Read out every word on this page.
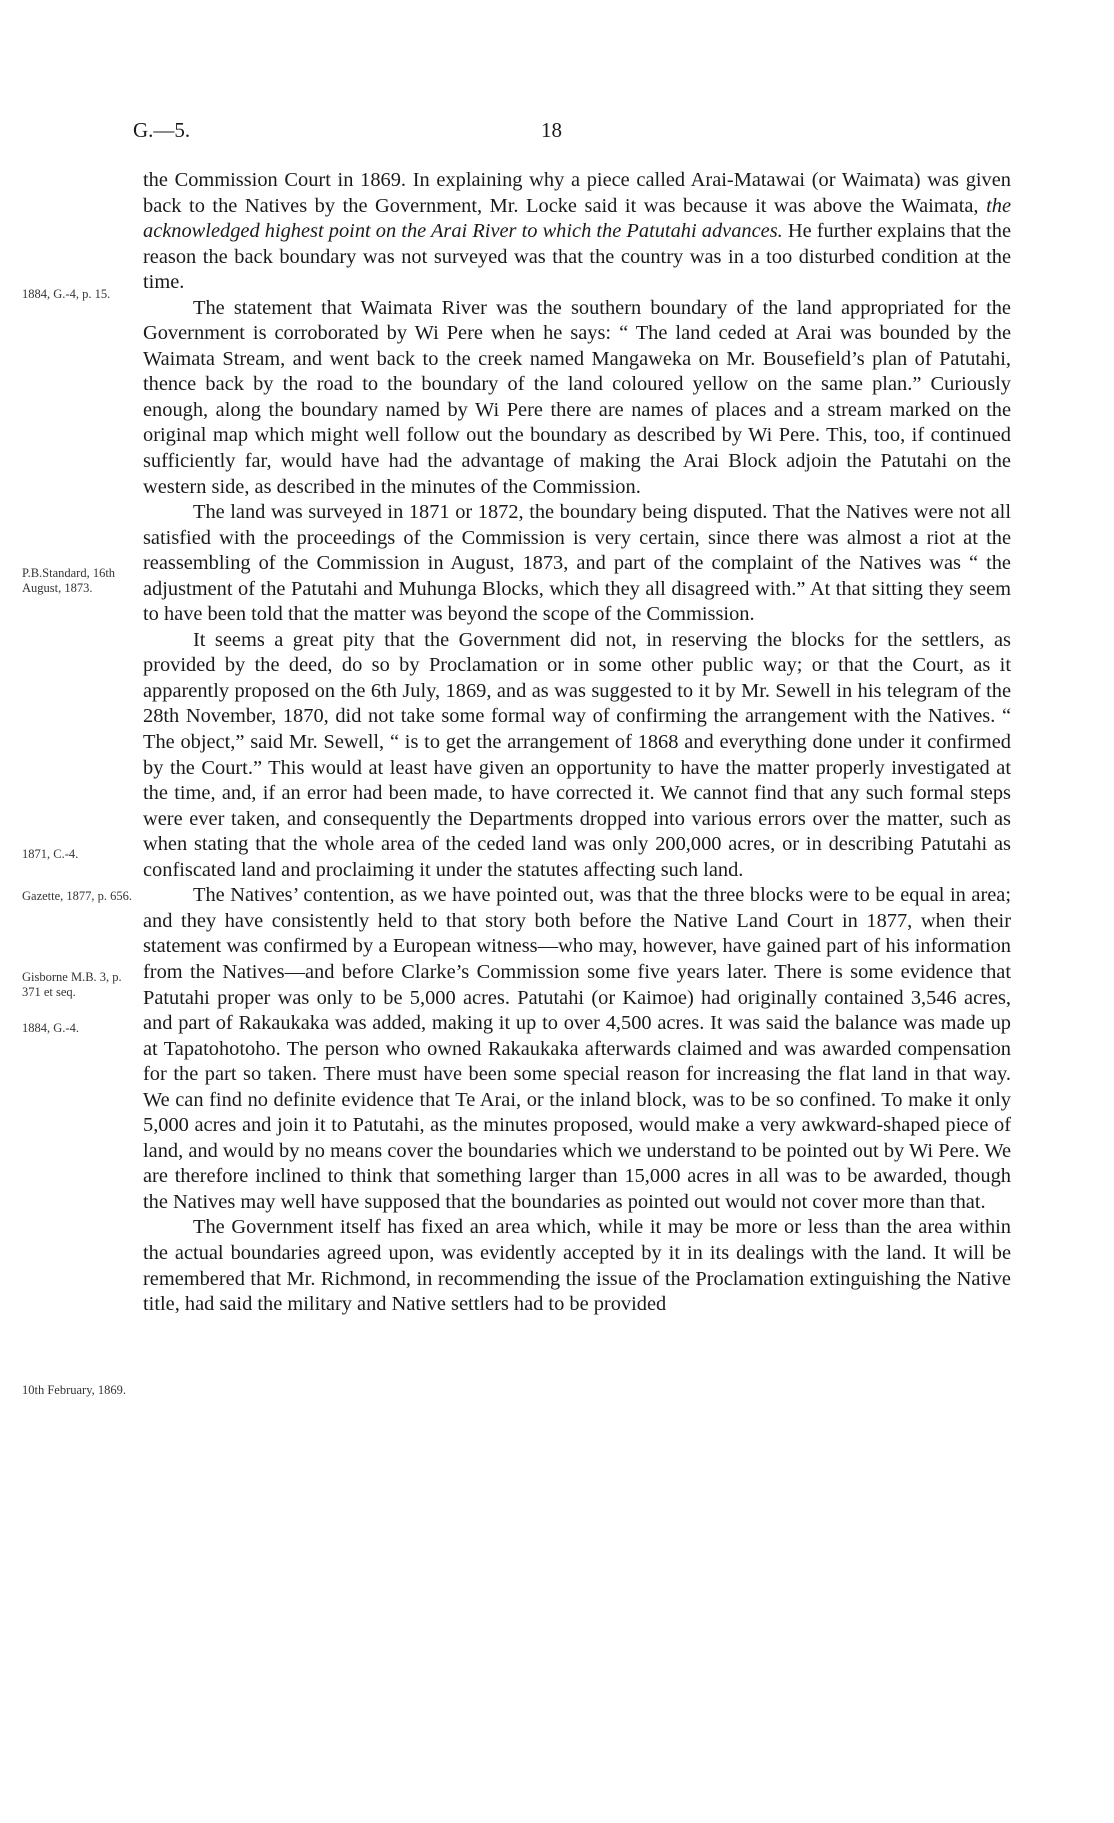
G.—5.	18
1884, G.-4, p. 15.
P.B.Standard, 16th August, 1873.
1871, C.-4.
Gazette, 1877, p. 656.
Gisborne M.B. 3, p. 371 et seq.
1884, G.-4.
10th February, 1869.

the Commission Court in 1869. In explaining why a piece called Arai-Matawai (or Waimata) was given back to the Natives by the Government, Mr. Locke said it was because it was above the Waimata, the acknowledged highest point on the Arai River to which the Patutahi advances. He further explains that the reason the back boundary was not surveyed was that the country was in a too disturbed condition at the time.

The statement that Waimata River was the southern boundary of the land appropriated for the Government is corroborated by Wi Pere when he says: “ The land ceded at Arai was bounded by the Waimata Stream, and went back to the creek named Mangaweka on Mr. Bousefield’s plan of Patutahi, thence back by the road to the boundary of the land coloured yellow on the same plan.” Curiously enough, along the boundary named by Wi Pere there are names of places and a stream marked on the original map which might well follow out the boundary as described by Wi Pere. This, too, if continued sufficiently far, would have had the advantage of making the Arai Block adjoin the Patutahi on the western side, as described in the minutes of the Commission.

The land was surveyed in 1871 or 1872, the boundary being disputed. That the Natives were not all satisfied with the proceedings of the Commission is very certain, since there was almost a riot at the reassembling of the Commission in August, 1873, and part of the complaint of the Natives was “ the adjustment of the Patutahi and Muhunga Blocks, which they all disagreed with.” At that sitting they seem to have been told that the matter was beyond the scope of the Commission.

It seems a great pity that the Government did not, in reserving the blocks for the settlers, as provided by the deed, do so by Proclamation or in some other public way; or that the Court, as it apparently proposed on the 6th July, 1869, and as was suggested to it by Mr. Sewell in his telegram of the 28th November, 1870, did not take some formal way of confirming the arrangement with the Natives. “ The object,” said Mr. Sewell, “ is to get the arrangement of 1868 and everything done under it confirmed by the Court.” This would at least have given an opportunity to have the matter properly investigated at the time, and, if an error had been made, to have corrected it. We cannot find that any such formal steps were ever taken, and consequently the Departments dropped into various errors over the matter, such as when stating that the whole area of the ceded land was only 200,000 acres, or in describing Patutahi as confiscated land and proclaiming it under the statutes affecting such land.

The Natives’ contention, as we have pointed out, was that the three blocks were to be equal in area; and they have consistently held to that story both before the Native Land Court in 1877, when their statement was confirmed by a European witness—who may, however, have gained part of his information from the Natives—and before Clarke’s Commission some five years later. There is some evidence that Patutahi proper was only to be 5,000 acres. Patutahi (or Kaimoe) had originally contained 3,546 acres, and part of Rakaukaka was added, making it up to over 4,500 acres. It was said the balance was made up at Tapatohotoho. The person who owned Rakaukaka afterwards claimed and was awarded compensation for the part so taken. There must have been some special reason for increasing the flat land in that way. We can find no definite evidence that Te Arai, or the inland block, was to be so confined. To make it only 5,000 acres and join it to Patutahi, as the minutes proposed, would make a very awkward-shaped piece of land, and would by no means cover the boundaries which we understand to be pointed out by Wi Pere. We are therefore inclined to think that something larger than 15,000 acres in all was to be awarded, though the Natives may well have supposed that the boundaries as pointed out would not cover more than that.

The Government itself has fixed an area which, while it may be more or less than the area within the actual boundaries agreed upon, was evidently accepted by it in its dealings with the land. It will be remembered that Mr. Richmond, in recommending the issue of the Proclamation extinguishing the Native title, had said the military and Native settlers had to be provided
